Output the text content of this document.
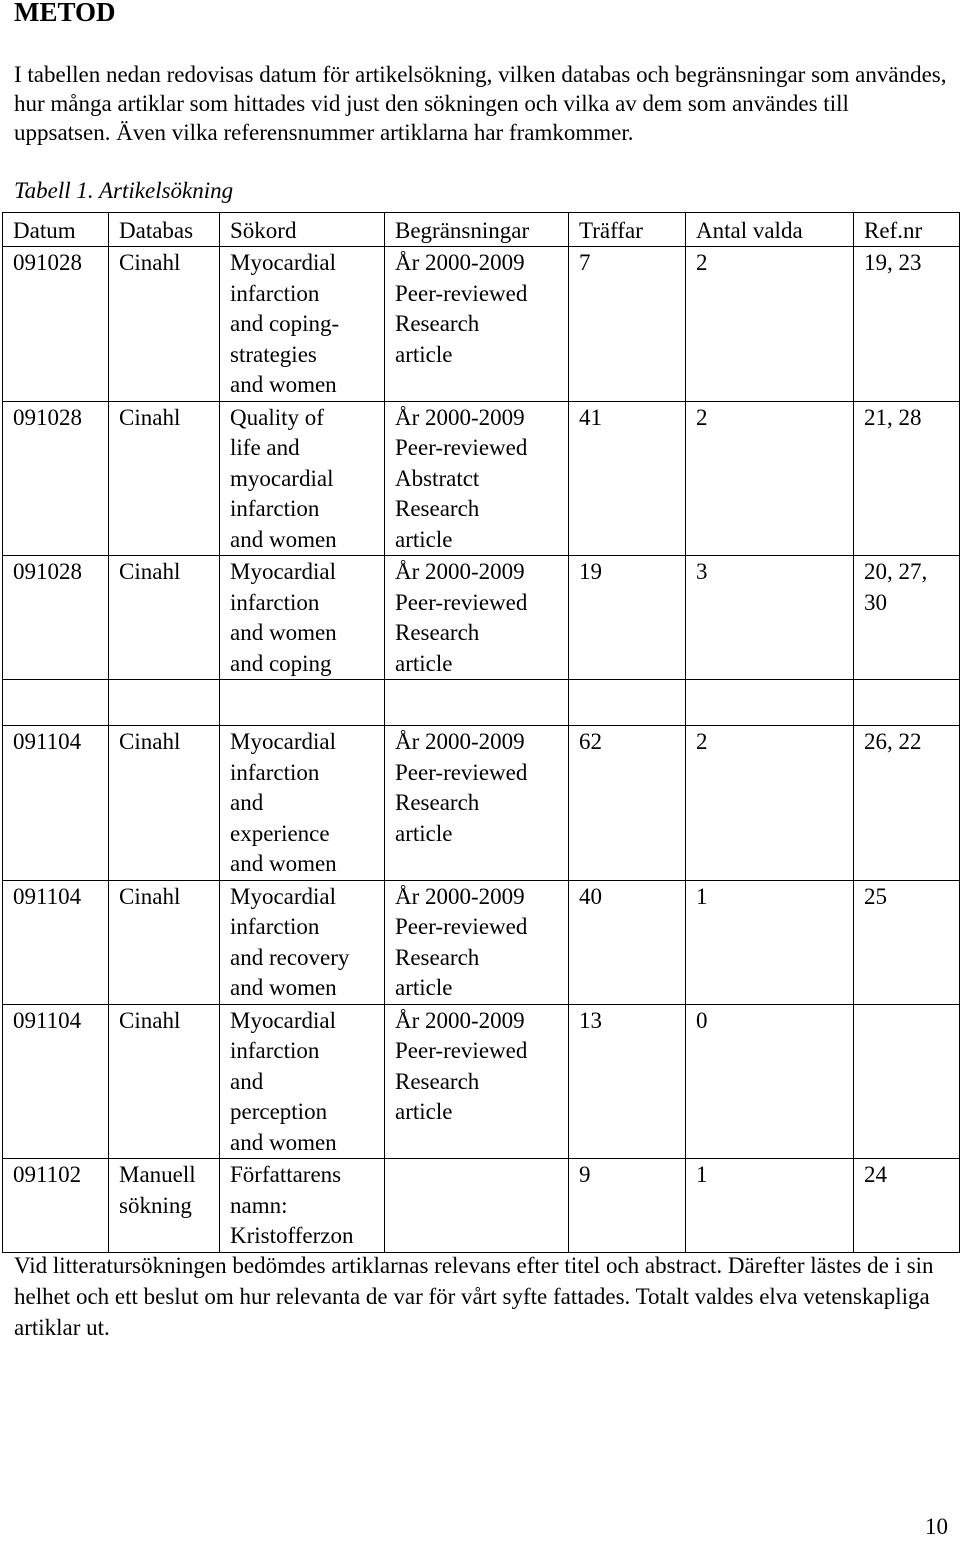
METOD

I tabellen nedan redovisas datum för artikelsökning, vilken databas och begränsningar som användes, hur många artiklar som hittades vid just den sökningen och vilka av dem som användes till uppsatsen. Även vilka referensnummer artiklarna har framkommer.

Tabell 1. Artikelsökning

Datum	Databas	Sökord	Begränsningar	Träffar	Antal valda	Ref.nr
091028	Cinahl	Myocardial
infarction
and coping-
strategies
and women	År 2000-2009
Peer-reviewed
Research
article	7	2	19, 23
091028	Cinahl	Quality of
life and
myocardial
infarction
and women	År 2000-2009
Peer-reviewed
Abstratct
Research
article	41	2	21, 28
091028	Cinahl	Myocardial
infarction
and women
and coping	År 2000-2009
Peer-reviewed
Research
article	19	3	20, 27,
30

091104	Cinahl	Myocardial
infarction
and
experience
and women	År 2000-2009
Peer-reviewed
Research
article	62	2	26, 22
091104	Cinahl	Myocardial
infarction
and recovery
and women	År 2000-2009
Peer-reviewed
Research
article	40	1	25
091104	Cinahl	Myocardial
infarction
and
perception
and women	År 2000-2009
Peer-reviewed
Research
article	13	0	
091102	Manuell
sökning	Författarens
namn:
Kristofferzon		9	1	24

Vid litteratursökningen bedömdes artiklarnas relevans efter titel och abstract. Därefter lästes de i sin helhet och ett beslut om hur relevanta de var för vårt syfte fattades. Totalt valdes elva vetenskapliga artiklar ut.

10
